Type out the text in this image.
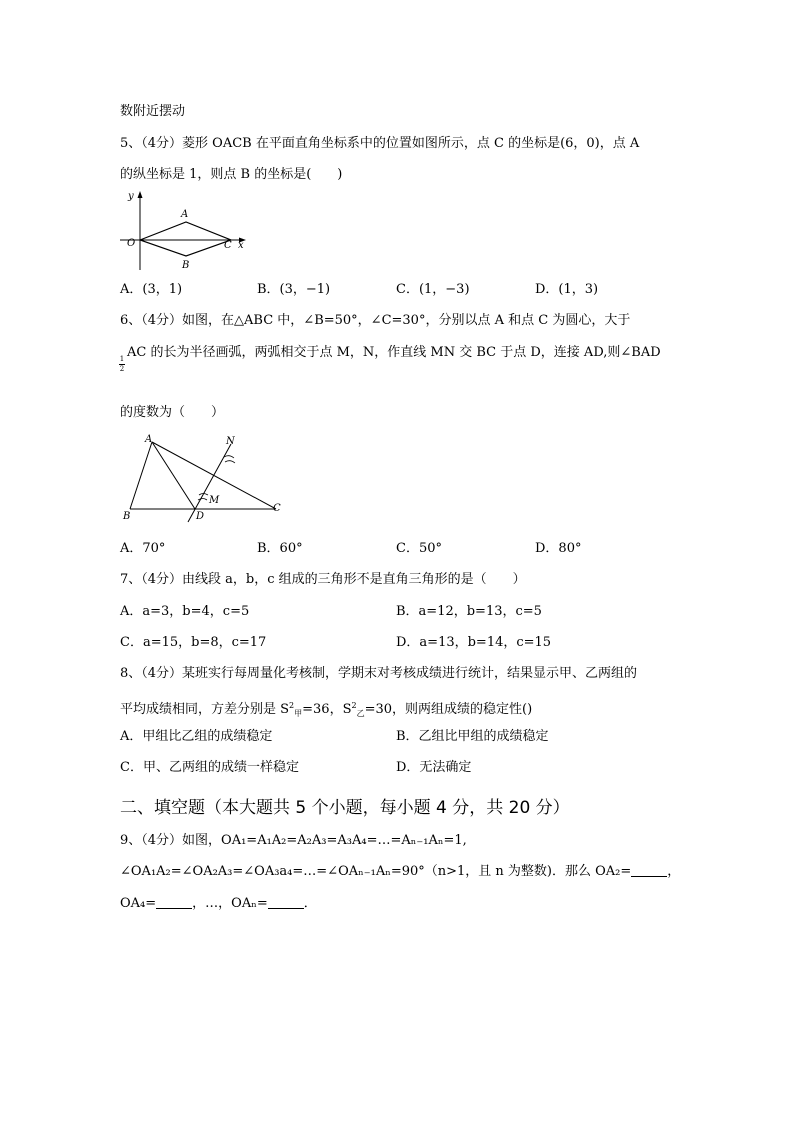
数附近摆动
5、（4分）菱形 OACB 在平面直角坐标系中的位置如图所示，点 C 的坐标是(6，0)，点 A
的纵坐标是 1，则点 B 的坐标是(　　)
y
A
O	C x
B
A．(3，1)	B．(3，−1)	C．(1，−3)	D．(1，3)
6、（4分）如图，在△ABC 中，∠B=50°，∠C=30°，分别以点 A 和点 C 为圆心，大于
AC 的长为半径画弧，两弧相交于点 M，N，作直线 MN 交 BC 于点 D，连接 AD,则∠BAD
1
2
的度数为（　　）
A	N
M
B	D
C
A．70°	B．60°	C．50°	D．80°
7、（4分）由线段 a，b，c 组成的三角形不是直角三角形的是（　　）
A．a=3，b=4，c=5	B．a=12，b=13，c=5
C．a=15，b=8，c=17	D．a=13，b=14，c=15
8、（4分）某班实行每周量化考核制，学期末对考核成绩进行统计，结果显示甲、乙两组的
平均成绩相同，方差分别是 $S^2_甲=36$，$S^2_乙=30$，则两组成绩的稳定性()
A．甲组比乙组的成绩稳定	B．乙组比甲组的成绩稳定
C．甲、乙两组的成绩一样稳定	D．无法确定
二、填空题（本大题共 5 个小题，每小题 4 分，共 20 分）
9、（4分）如图，OA₁=A₁A₂=A₂A₃=A₃A₄=…=Aₙ₋₁Aₙ=1,
∠OA₁A₂=∠OA₂A₃=∠OA₃a₄=…=∠OAₙ₋₁Aₙ=90°（n>1，且 n 为整数)．那么 OA₂=	，
OA₄=	，…，OAₙ=	．
